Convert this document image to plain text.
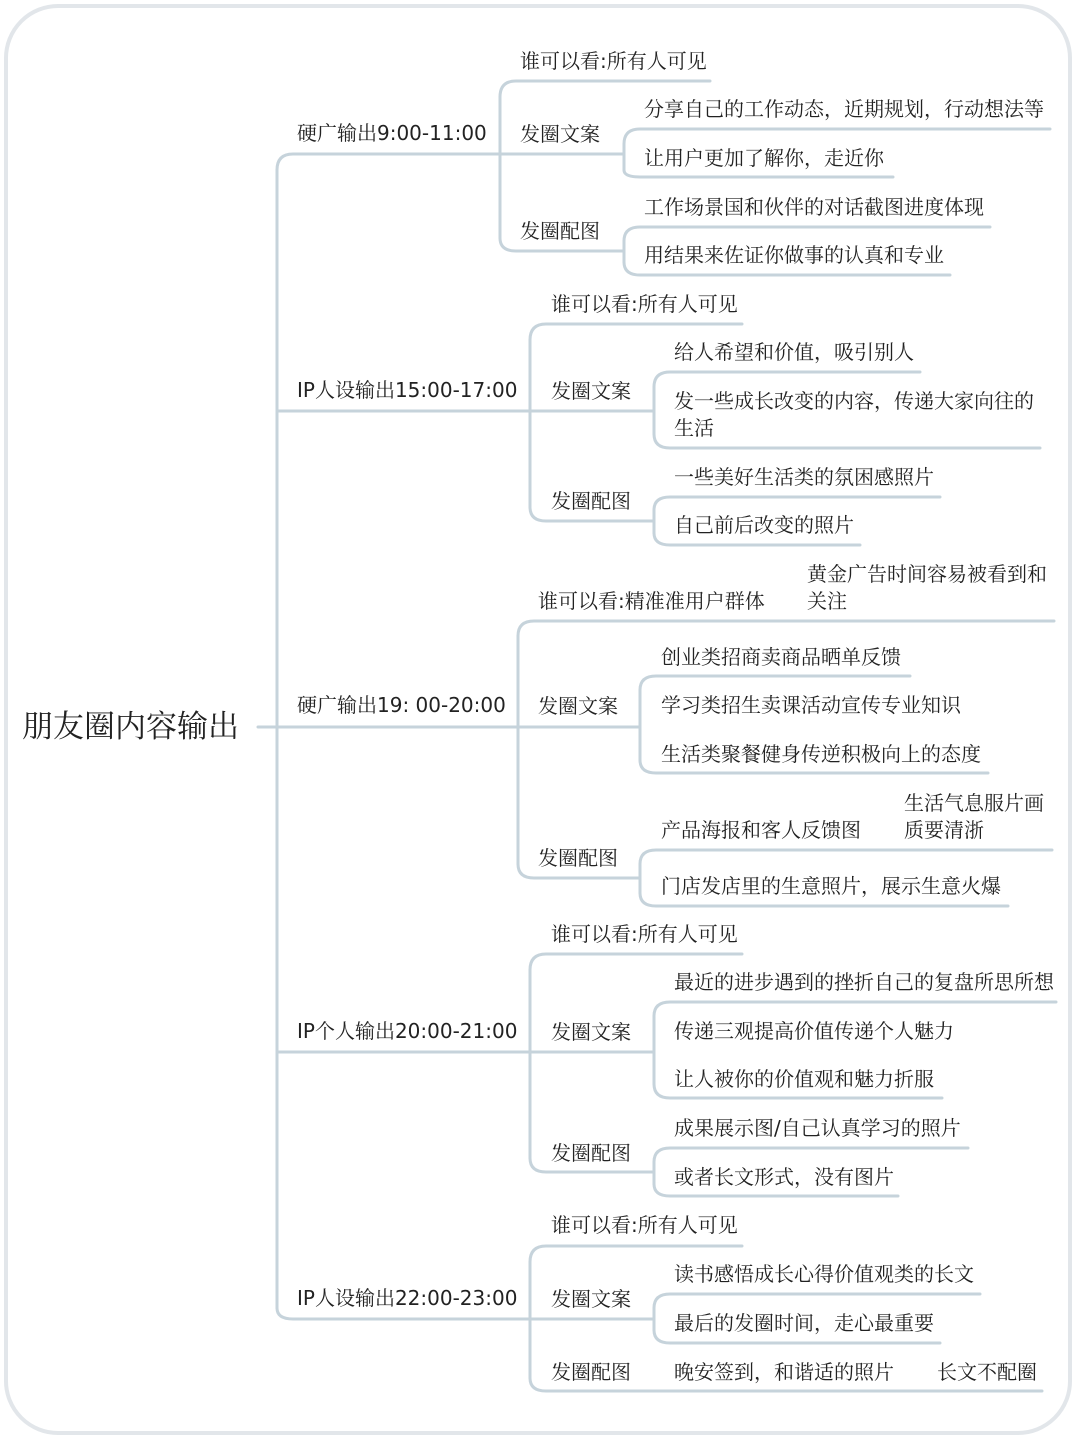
朋友圈内容输出
硬广输出9:00-11:00
谁可以看:所有人可见
发圈文案
分享自己的工作动态，近期规划，行动想法等
让用户更加了解你，走近你
发圈配图
工作场景国和伙伴的对话截图进度体现
用结果来佐证你做事的认真和专业
IP人设输出15:00-17:00
谁可以看:所有人可见
发圈文案
给人希望和价值，吸引别人
发一些成长改变的内容，传递大家向往的生活
发圈配图
一些美好生活类的氛困感照片
自己前后改变的照片
硬广输出19: 00-20:00
谁可以看:精准准用户群体
黄金广告时间容易被看到和关注
发圈文案
创业类招商卖商品晒单反馈
学习类招生卖课活动宣传专业知识
生活类聚餐健身传逆积极向上的态度
发圈配图
产品海报和客人反馈图
生活气息服片画质要清浙
门店发店里的生意照片，展示生意火爆
IP个人输出20:00-21:00
谁可以看:所有人可见
发圈文案
最近的进步遇到的挫折自己的复盘所思所想
传递三观提高价值传递个人魅力
让人被你的价值观和魅力折服
发圈配图
成果展示图/自己认真学习的照片
或者长文形式，没有图片
IP人设输出22:00-23:00
谁可以看:所有人可见
发圈文案
读书感悟成长心得价值观类的长文
最后的发圈时间，走心最重要
发圈配图 晚安签到，和谐适的照片 长文不配圈
